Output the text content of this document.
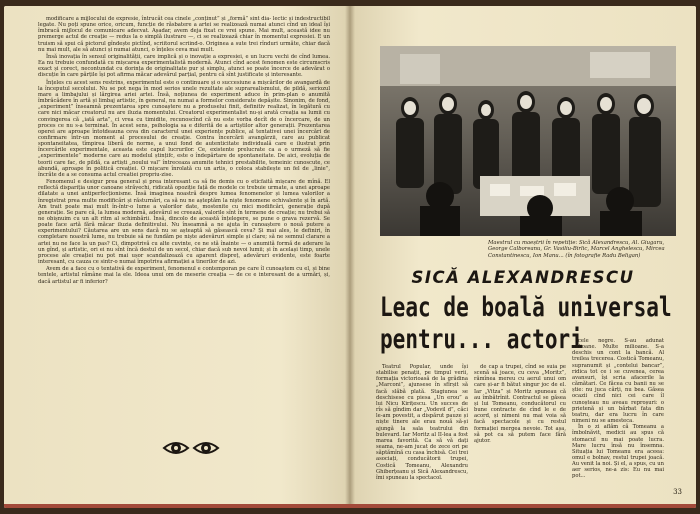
modificare a mijlocului de expresie, întrucât cea cinele „conținut” și „formă” sint dia- lectic și indestructibil legate. Nu poți spune orice, oricum, funcție de răsbatere a artei se realizează numai atunci cînd un ideal își îmbracă mijlocul de comunicare adecvat. Așadar, avem deja fixat ce vrei spune. Mai mult, această idee nu premerge actul de creație — redus la o simplă ilustrare —, ci se realizează chiar în momentul expresiei. E un truism să spui că pictorul gîndește pictînd, scriitorul scriind-o. Originea a sute trei rînduri următe, chiar dacă nu mai mult, ale să atunci și numai atunci, o înțeles ceva mai mult.

Însă inovația în sensul originalității, care implică și o inovație a expresiei, e un lucru vechi de cînd lumea. Ea nu trebuie confundată cu mișcarea experimentalistă modernă. Atunci cînd acest fenomen este circumscris exact și corect, necontundat cu dorința de originalitate pur și simplu, atunci se poate încerce de adevărat o discuție în care părțile își pot afirma măcar adevărul parțial, pentru că sînt justificate și interesante.

Înțeles cu acest sens restrins, experimentul este o continuare și o succesiune a mișcărilor de avangardă de la începutul secolului. Nu se pot nega în mod serios unele rezultate ale suprarealismului, de pildă, seriozul mare a limbajului și lărgirea ariei artei. Însă, noțiunea de experiment aduce în prim-plan o anumită îmbrăcădere în artă și limbaj artistic, în general, nu numai a formelor considerate depășite. Sinonim, de fond, „experiment” înseamnă prezentarea spre cunoaștere nu a produselui finit, definitiv realizat, în legătură cu care nici măcar creatorul nu are iluzia momentului. Creatorul experimentalist nu-și arată creația sa lumii cu convingerea că „iată arta”, ci vrea cu timidite, recunoscînd că nu este vorba decît de o încercare, de un proces ce nu s-a terminat. În acest sens, psihologia sa e diferită de a artiștilor altor generații. Prezentarea operei are aproape întotdeauna ceva din caracterul unei experiențe publice, al tentativei unei încercări de confirmare într-un moment al procesului de creație. Contra încercării avangărzii, care au publicat spontaneitatea, tîmpirea liberă de norme, a unui fond de autenticitate individuală care e ilustrat prin încercările experimentale, aceasta este capul lucrurilor. Ce, existente prelucrate ca a o urmeză să fie „experimentele” moderne care au modelul ștințifc, este o îndepărtare de spontaneitate. De aici, evoluția de teorii care fac, de pildă, ca artiști „noului val” întreceaza anumite tehnici prestabilite, temeinic cunoscute, ce abundă, aproape în politică creației. O mișcare înrolată cu un artis, o coloca stabilește un fel de „linie”, încrăte de a se consuma actul creatiei propriu-zise.

Fenomenul e desigur prea general și prea interesant ca să fie demis cu o eticfaitã mișcare de mînă. El reflectă dispariția unor canoane străvechi, ridicată opoziție față de modele ce trebuie urmate, a unei aproape dilatate a unei antiperfecționisme. Însă imaginea noastră despre lumea fenomenelor și lumea valorilor a înregistrat prea multe modificări și răsturnări, ca să nu ne așteptăm la niște fenomene echivalente și în artă. Am trait poate mai mult în-într-o lume a valorilor date, mostenite cu mici modificări, generație după generație. Se pare că, la lumea modernă, adevărul se creează, valorile sînt în termene de creație; nu trebui să ne obișnuim cu un alt ritm al schimbării. Însă, dincolo de această înțelegere, se pune o grava rezervă. Se poate face artă fără măcar iluzia definitivului. Nu înseamnă a ne ajuta în cunoaștere o nouă putere a experimentului? Căutarea are un sens dacă nu se așteaptă să găsească ceva? Și mai ales, le definiri, în completare noastră lume, nu trebuie să ne fundăm pe niște adevăruri simple și clare; să ne semnul clarare a artei nu ne face la un pas? Ci, dimpotrivă cu alte cuvinte, ce ne stă înainte — o anumită formă de aderare la un gînd, și artistic, ori ei nu sînt încă destul de un secol, chiar dacă sub nevoi lumii; și în același timp, unele procese ale creației nu pot mai ușor scandalizează cu aparent dispreț, adevăruri evidente, este foarte interesant, cu cauza ce sintr-o numai împotriva afirmației a tinerilor de azi.

Avem de a face cu o tentativă de experiment, fenomenul e contemporan pe care îl cunoaștem cu el, și bine tentele, artistul rămâne mai la ele. Ideea unui om de meserie creația — de ce e interesant de a urmări, și, dacă artistul ar fi inferior?

Maestrul cu maeștrii în repetiție: Sică Alexandrescu, Al. Giugaru, George Calboreanu, Gr. Vasiliu-Birlic, Marcel Anghelescu, Mircea Constantinescu, Ion Manu... (în fotografie Radu Beligan)
SICĂ ALEXANDRESCU
Leac de boală universal
pentru... actori

Teatrul Popular, unde își stabilise penații, pe timpul verii, formația victorioasă de la grădina „Marconi”, ajunsese în sfîrșit să facă slăbă plată. Stagiunea se deschisese cu piesa „Un erou” a lui Nicu Kirițescu. Un succes de rîs să gîndim dar „Vodevil d”, căci le-am povestit, a dispărut pauze și niște tinere ale erau nouă să-și ajungă la sala teatrului din bulevard. Iar Moritz al II-lea a fost marea favorită. Ca să vă dați seama, ne-am jucat de zece ori pe săptămînă cu casa închisă. Cei trei asociați, conducătorii trupei, Costică Tomeanu, Alexandru Ghiberțeanu și Sică Alexandrescu, îmi spuneau la spectacol.

de cap a trupei, cînd se suia pe scenă să joace, cu ceva „Moritz”, rămînea mereu cu aerul unui om care și-ar fi bătut singur joc de el. Iar „Vitza” și Moritz spuneau că au îmbătrînit. Contractul se găsea și lui Tomeanu, conducătorul cu bune contracte de cînd le e de acord, și nimeni nu mai voia să facă spectacole și cu restul formației mergea nevoie. Tot așa, să pot ca să putem face fără ajutor.

cele negre. S-au adunat milioane. Multe milioane. S-a deschis un cont la bancă. Al treilea trecerea. Costică Tomeanu, supranumit și „contelui bancar”, ridica tot ce i se cuvenea, cerea avansuri, își scria afacerile la cămătari. Ce făcea cu banii nu se știe: nu juca cărți, nu bea. Găsea ocazii cînd nici cei care îl cunoșteau nu aveau reproșuri: o prietenă și un bărbat fata din teatru, dar era lucru în care nimeni nu se amesteca.

În o zi aflăm că Tomeanu a îmbolnăvit, medicii au spus că stomacul nu mai poate lucra. Mare lucru însă nu însemna. Situația lui Tomeanu era aceea: omul e bolnav, restul trupei joacă. Au venit la noi. Și el, a spus, cu un aer serios, ne-a zis: Eu nu mai pot...

33
